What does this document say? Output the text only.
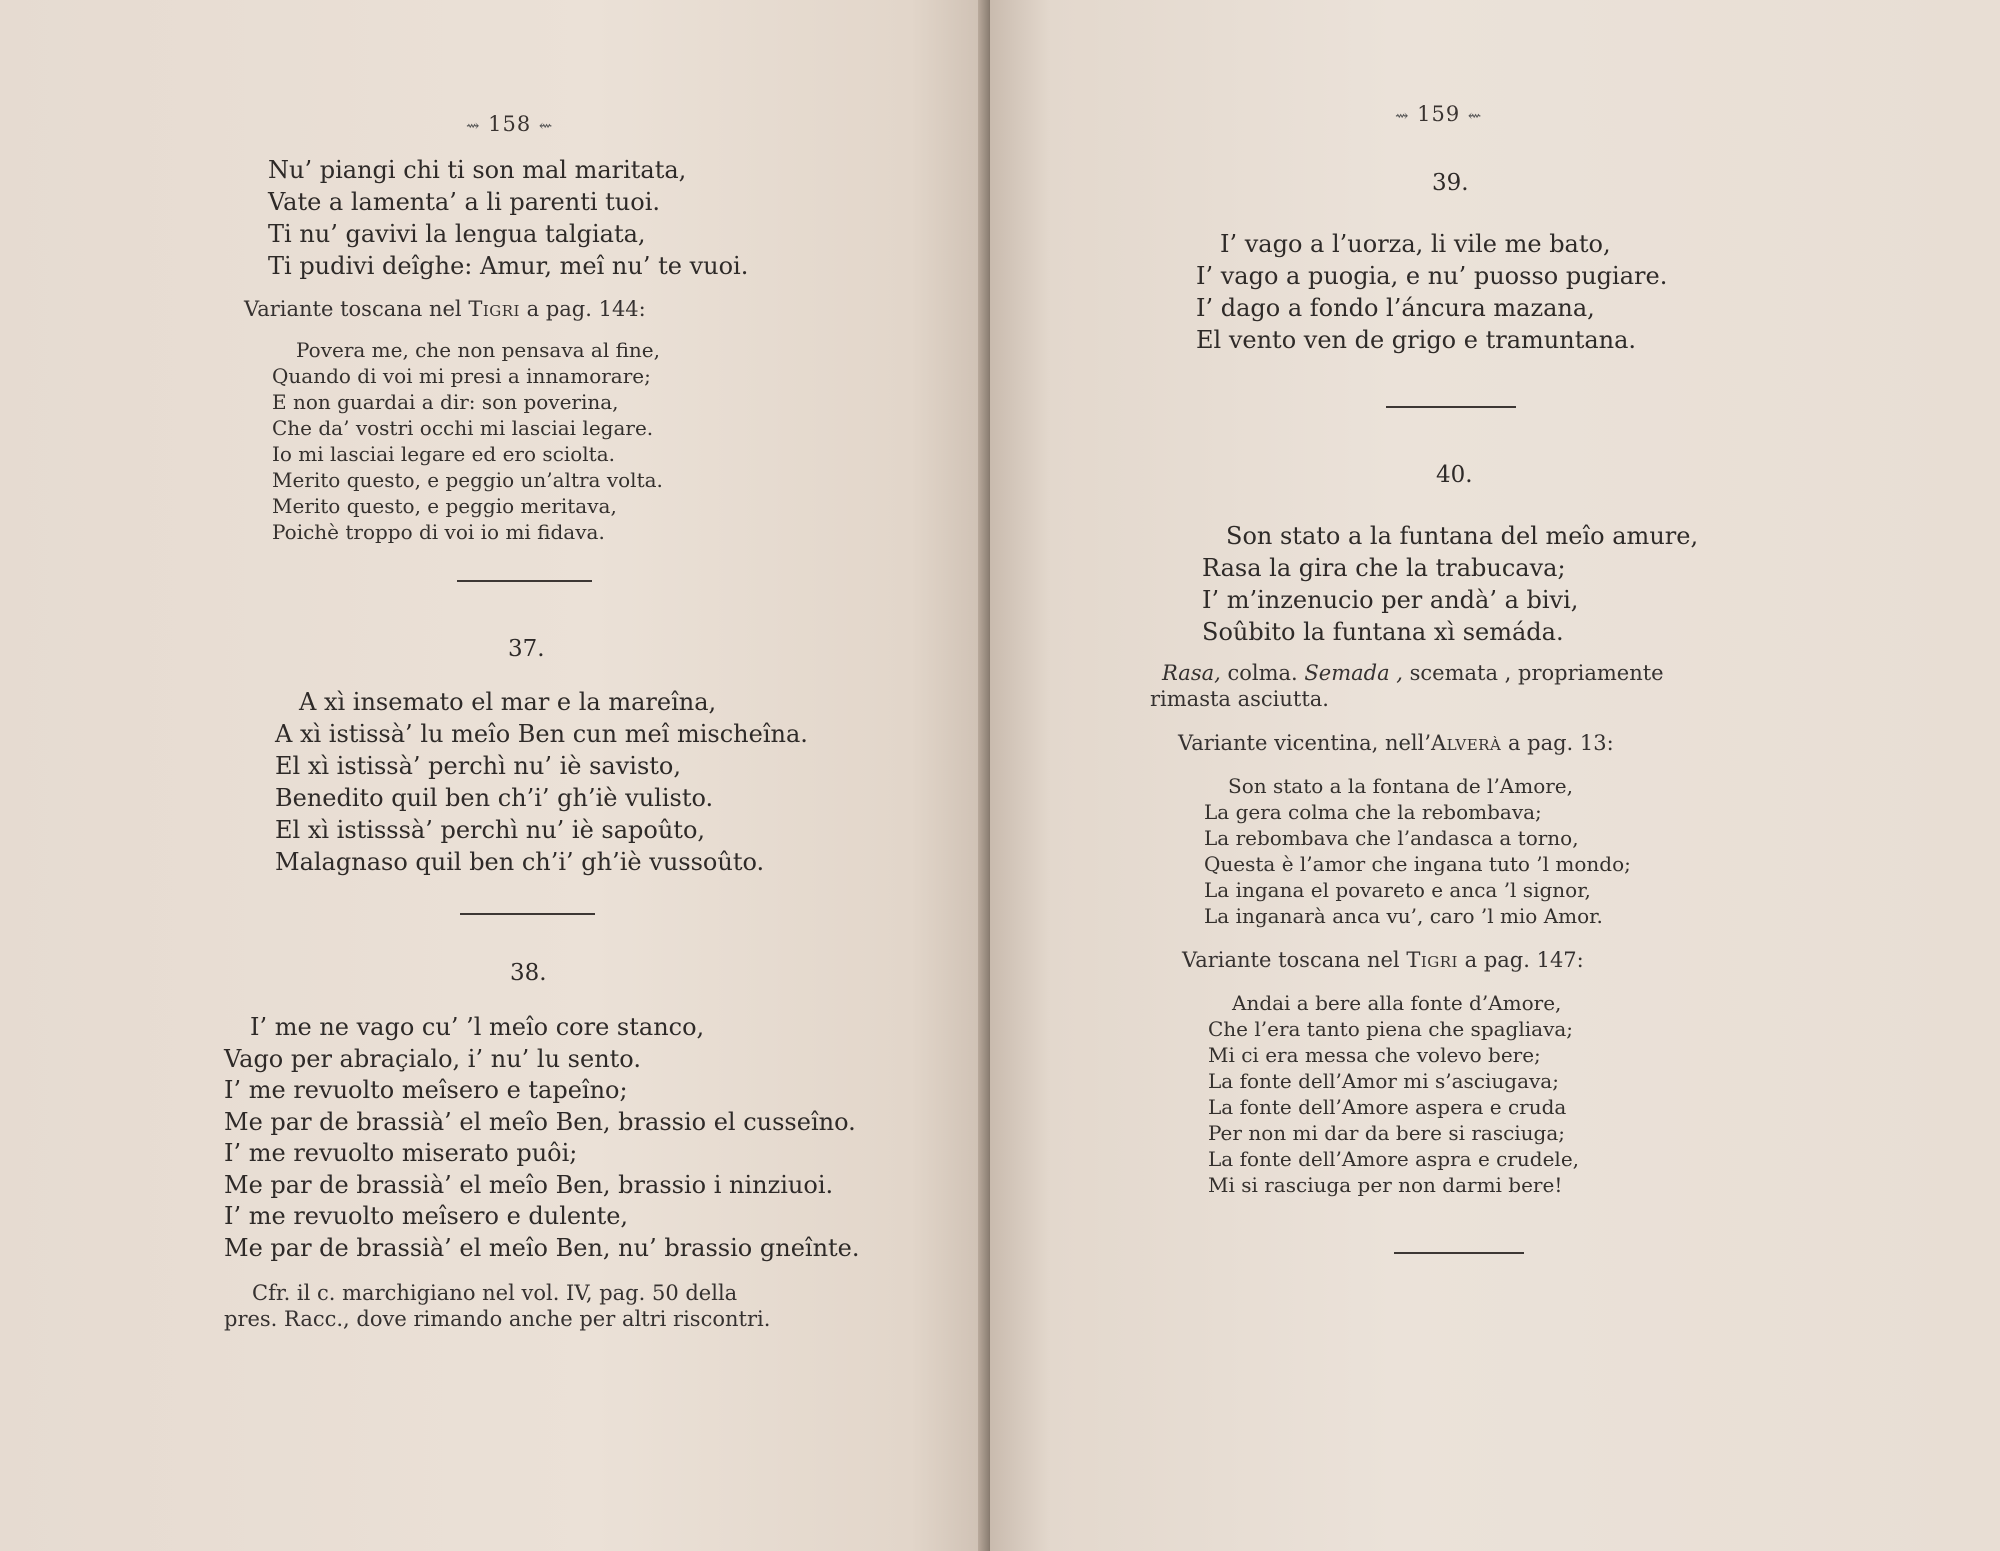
⇝ 158 ⇜
Nu’ piangi chi ti son mal maritata,
Vate a lamenta’ a li parenti tuoi.
Ti nu’ gavivi la lengua talgiata,
Ti pudivi deîghe: Amur, meî nu’ te vuoi.
Variante toscana nel Tigri a pag. 144:
Povera me, che non pensava al fine,
Quando di voi mi presi a innamorare;
E non guardai a dir: son poverina,
Che da’ vostri occhi mi lasciai legare.
Io mi lasciai legare ed ero sciolta.
Merito questo, e peggio un’altra volta.
Merito questo, e peggio meritava,
Poichè troppo di voi io mi fidava.
37.
A xì insemato el mar e la mareîna,
A xì istissà’ lu meîo Ben cun meî mischeîna.
El xì istissà’ perchì nu’ iè savisto,
Benedito quil ben ch’i’ gh’iè vulisto.
El xì istisssà’ perchì nu’ iè sapoûto,
Malagnaso quil ben ch’i’ gh’iè vussoûto.
38.
I’ me ne vago cu’ ’l meîo core stanco,
Vago per abraçialo, i’ nu’ lu sento.
I’ me revuolto meîsero e tapeîno;
Me par de brassià’ el meîo Ben, brassio el cusseîno.
I’ me revuolto miserato puôi;
Me par de brassià’ el meîo Ben, brassio i ninziuoi.
I’ me revuolto meîsero e dulente,
Me par de brassià’ el meîo Ben, nu’ brassio gneînte.
Cfr. il c. marchigiano nel vol. IV, pag. 50 della
pres. Racc., dove rimando anche per altri riscontri.
⇝ 159 ⇜
39.
I’ vago a l’uorza, li vile me bato,
I’ vago a puogia, e nu’ puosso pugiare.
I’ dago a fondo l’áncura mazana,
El vento ven de grigo e tramuntana.
40.
Son stato a la funtana del meîo amure,
Rasa la gira che la trabucava;
I’ m’inzenucio per andà’ a bivi,
Soûbito la funtana xì semáda.
Rasa, colma. Semada , scemata , propriamente
rimasta asciutta.
Variante vicentina, nell’Alverà a pag. 13:
Son stato a la fontana de l’Amore,
La gera colma che la rebombava;
La rebombava che l’andasca a torno,
Questa è l’amor che ingana tuto ’l mondo;
La ingana el povareto e anca ’l signor,
La inganarà anca vu’, caro ’l mio Amor.
Variante toscana nel Tigri a pag. 147:
Andai a bere alla fonte d’Amore,
Che l’era tanto piena che spagliava;
Mi ci era messa che volevo bere;
La fonte dell’Amor mi s’asciugava;
La fonte dell’Amore aspera e cruda
Per non mi dar da bere si rasciuga;
La fonte dell’Amore aspra e crudele,
Mi si rasciuga per non darmi bere!
